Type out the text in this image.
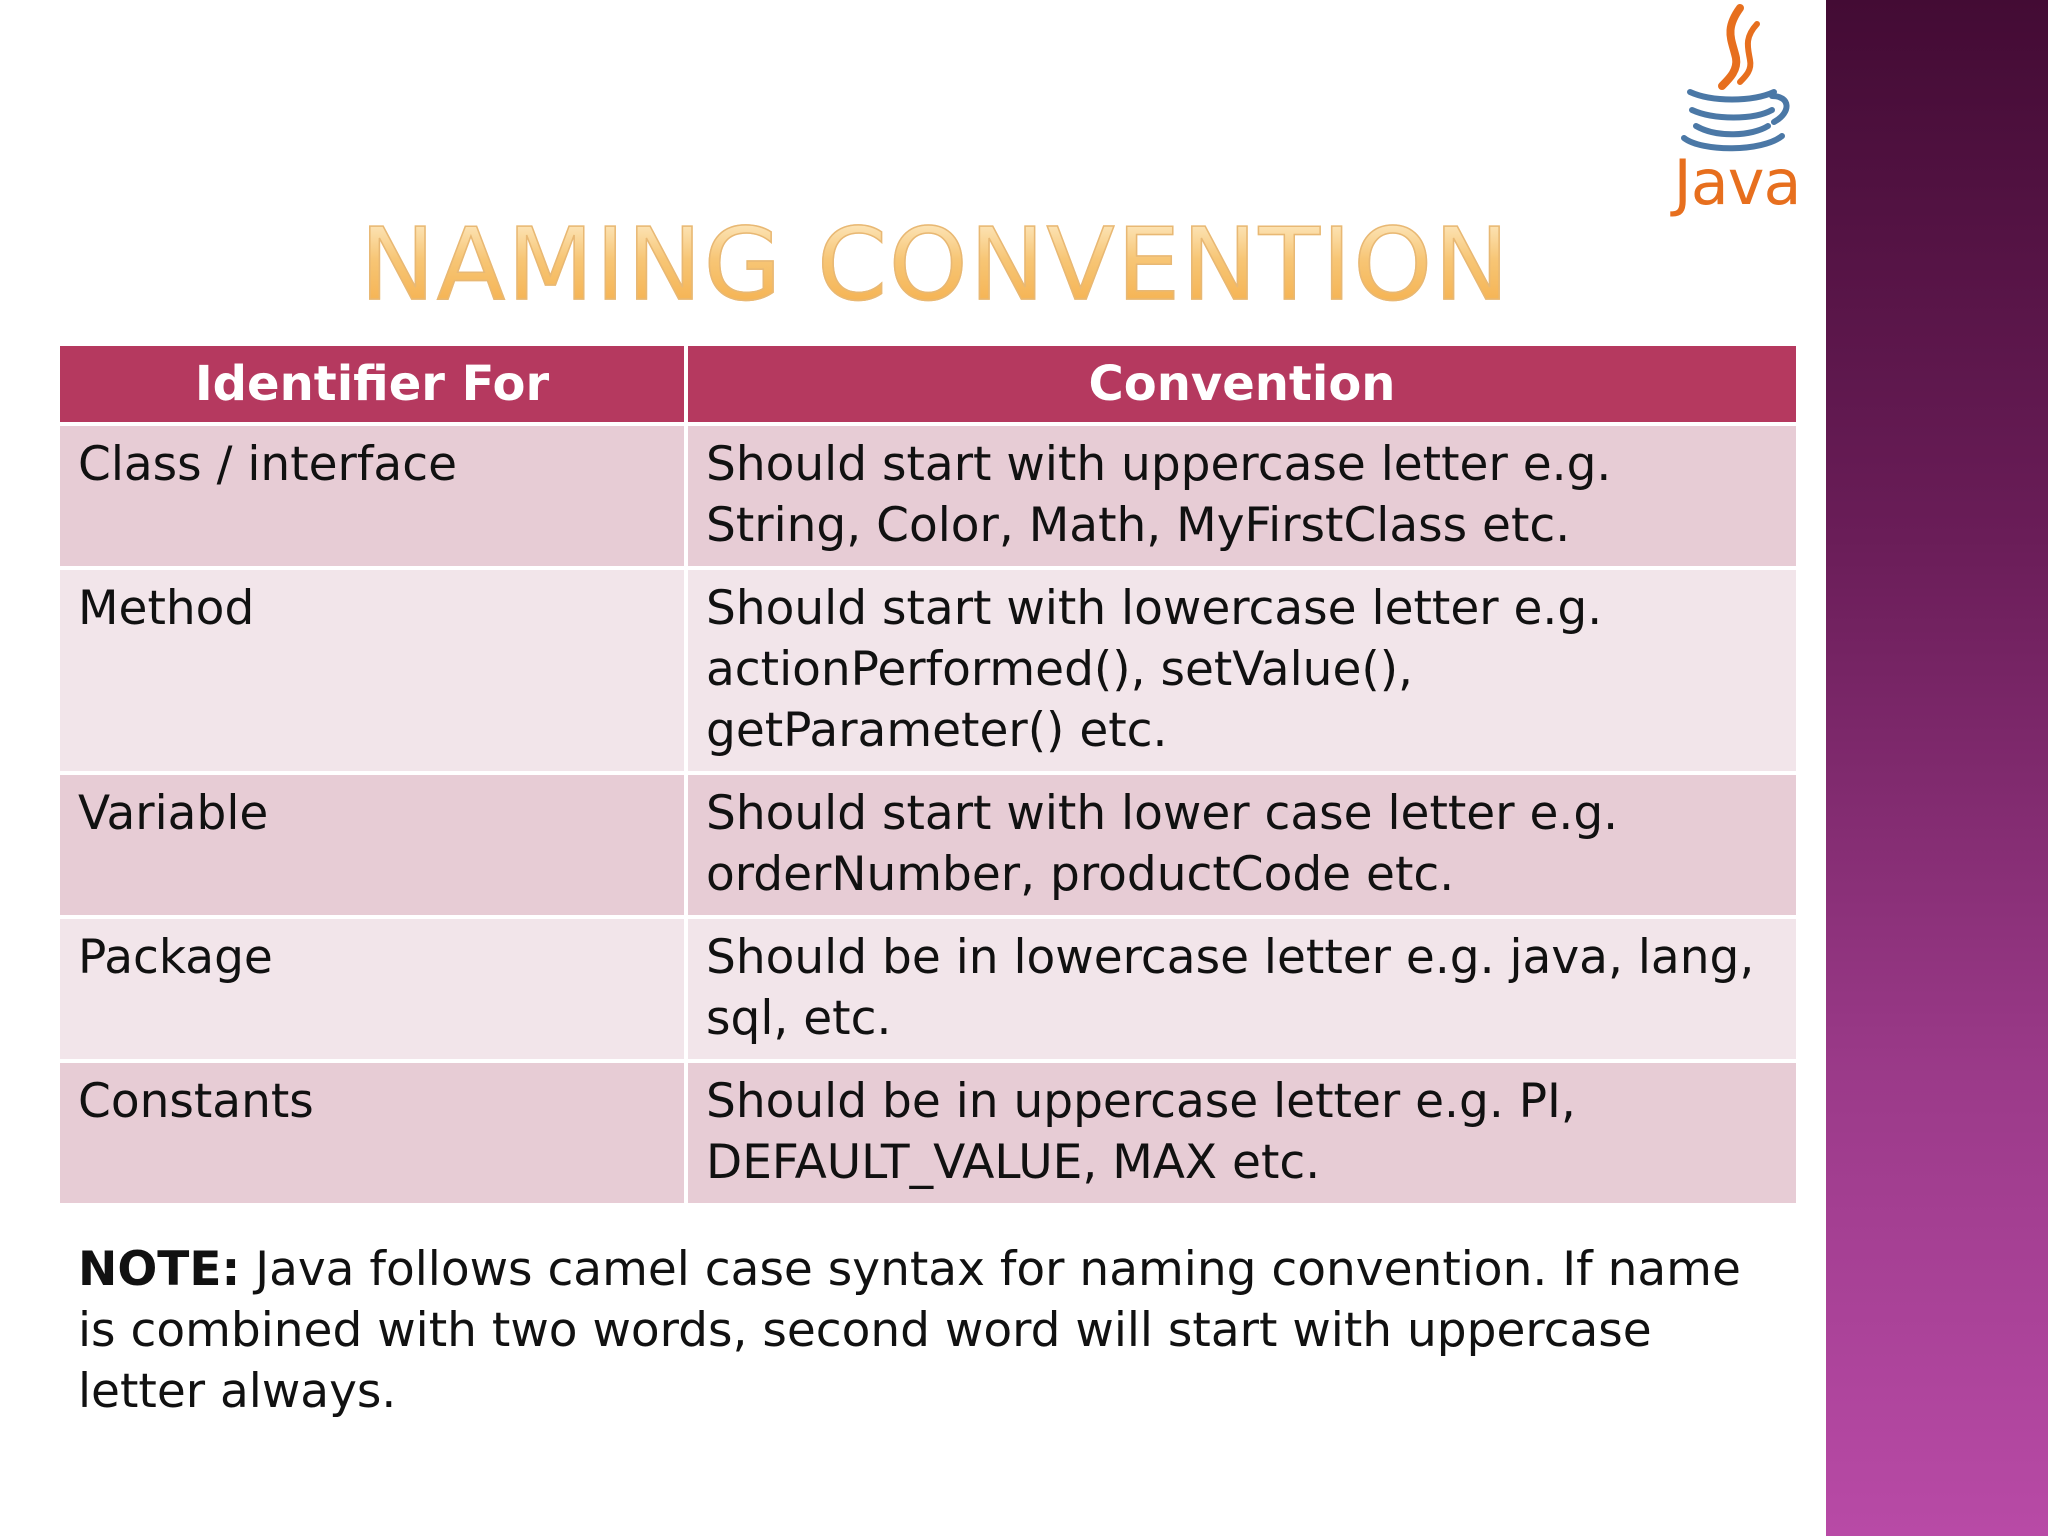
Java
NAMING CONVENTION
Identifier For	Convention
Class / interface	Should start with uppercase letter e.g. String, Color, Math, MyFirstClass etc.
Method	Should start with lowercase letter e.g. actionPerformed(), setValue(), getParameter() etc.
Variable	Should start with lower case letter e.g. orderNumber, productCode etc.
Package	Should be in lowercase letter e.g. java, lang, sql, etc.
Constants	Should be in uppercase letter e.g. PI, DEFAULT_VALUE, MAX etc.
NOTE: Java follows camel case syntax for naming convention. If name is combined with two words, second word will start with uppercase letter always.
